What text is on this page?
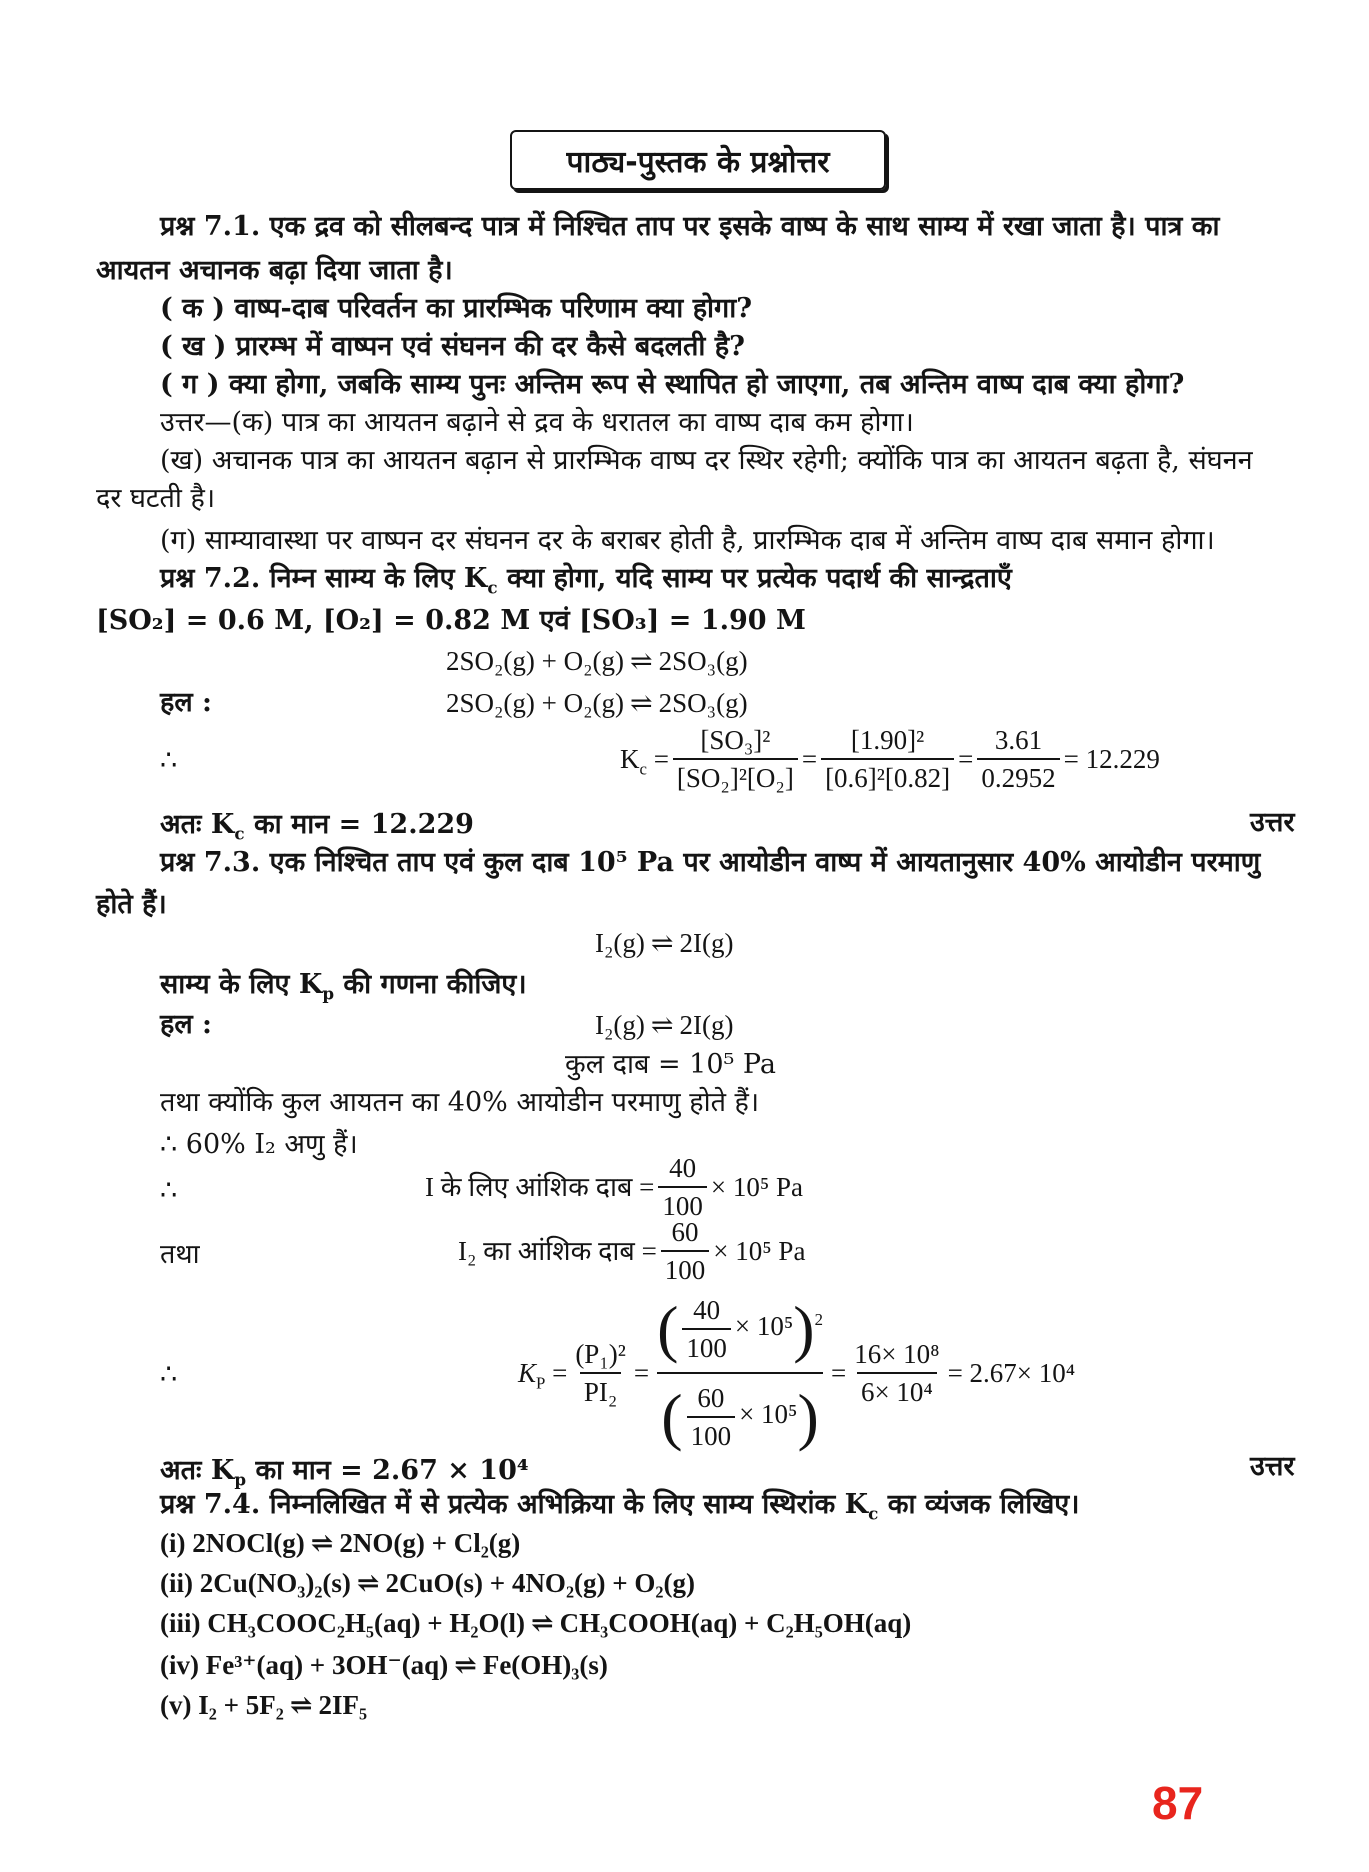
पाठ्य-पुस्तक के प्रश्नोत्तर
प्रश्न 7.1. एक द्रव को सीलबन्द पात्र में निश्चित ताप पर इसके वाष्प के साथ साम्य में रखा जाता है। पात्र का
आयतन अचानक बढ़ा दिया जाता है।
( क ) वाष्प-दाब परिवर्तन का प्रारम्भिक परिणाम क्या होगा?
( ख ) प्रारम्भ में वाष्पन एवं संघनन की दर कैसे बदलती है?
( ग ) क्या होगा, जबकि साम्य पुनः अन्तिम रूप से स्थापित हो जाएगा, तब अन्तिम वाष्प दाब क्या होगा?
उत्तर—(क) पात्र का आयतन बढ़ाने से द्रव के धरातल का वाष्प दाब कम होगा।
(ख) अचानक पात्र का आयतन बढ़ान से प्रारम्भिक वाष्प दर स्थिर रहेगी; क्योंकि पात्र का आयतन बढ़ता है, संघनन
दर घटती है।
(ग) साम्यावास्था पर वाष्पन दर संघनन दर के बराबर होती है, प्रारम्भिक दाब में अन्तिम वाष्प दाब समान होगा।
प्रश्न 7.2. निम्न साम्य के लिए $K_c$ क्या होगा, यदि साम्य पर प्रत्येक पदार्थ की सान्द्रताएँ
[SO₂] = 0.6 M, [O₂] = 0.82 M एवं [SO₃] = 1.90 M
2SO₂(g) + O₂(g) ⇌ 2SO₃(g)
हल :	2SO₂(g) + O₂(g) ⇌ 2SO₃(g)
∴	$K_c = \frac{\text{[SO₃]²}}{\text{[SO₂]²[O₂]}} = \frac{\text{[1.90]²}}{\text{[0.6]²[0.82]}} = \frac{3.61}{0.2952} = 12.229$
अतः $K_c$ का मान = 12.229	उत्तर
प्रश्न 7.3. एक निश्चित ताप एवं कुल दाब 10⁵ Pa पर आयोडीन वाष्प में आयतानुसार 40% आयोडीन परमाणु
होते हैं।
I₂(g) ⇌ 2I(g)
साम्य के लिए $K_p$ की गणना कीजिए।
हल :	I₂(g) ⇌ 2I(g)
कुल दाब = 10⁵ Pa
तथा क्योंकि कुल आयतन का 40% आयोडीन परमाणु होते हैं।
∴ 60% I₂ अणु हैं।
∴	I के लिए आंशिक दाब = $\frac{40}{100} \times 10^5$ Pa
तथा	I₂ का आंशिक दाब = $\frac{60}{100} \times 10^5$ Pa
∴	$K_P = \frac{\text{(P₁)²}}{\text{PI₂}} = \frac{( \frac{40}{100} \times 10^5)^2}{( \frac{60}{100} \times 10^5)} = \frac{\text{16× 10⁸}}{\text{6× 10⁴}} = 2.67\times 10^4$
अतः $K_p$ का मान = 2.67 × 10⁴	उत्तर
प्रश्न 7.4. निम्नलिखित में से प्रत्येक अभिक्रिया के लिए साम्य स्थिरांक $K_c$ का व्यंजक लिखिए।
(i) 2NOCl(g) ⇌ 2NO(g) + Cl₂(g)
(ii) 2Cu(NO₃)₂(s) ⇌ 2CuO(s) + 4NO₂(g) + O₂(g)
(iii) CH₃COOC₂H₅(aq) + H₂O(l) ⇌ CH₃COOH(aq) + C₂H₅OH(aq)
(iv) Fe³⁺(aq) + 3OH⁻(aq) ⇌ Fe(OH)₃(s)
(v) I₂ + 5F₂ ⇌ 2IF₅
87
